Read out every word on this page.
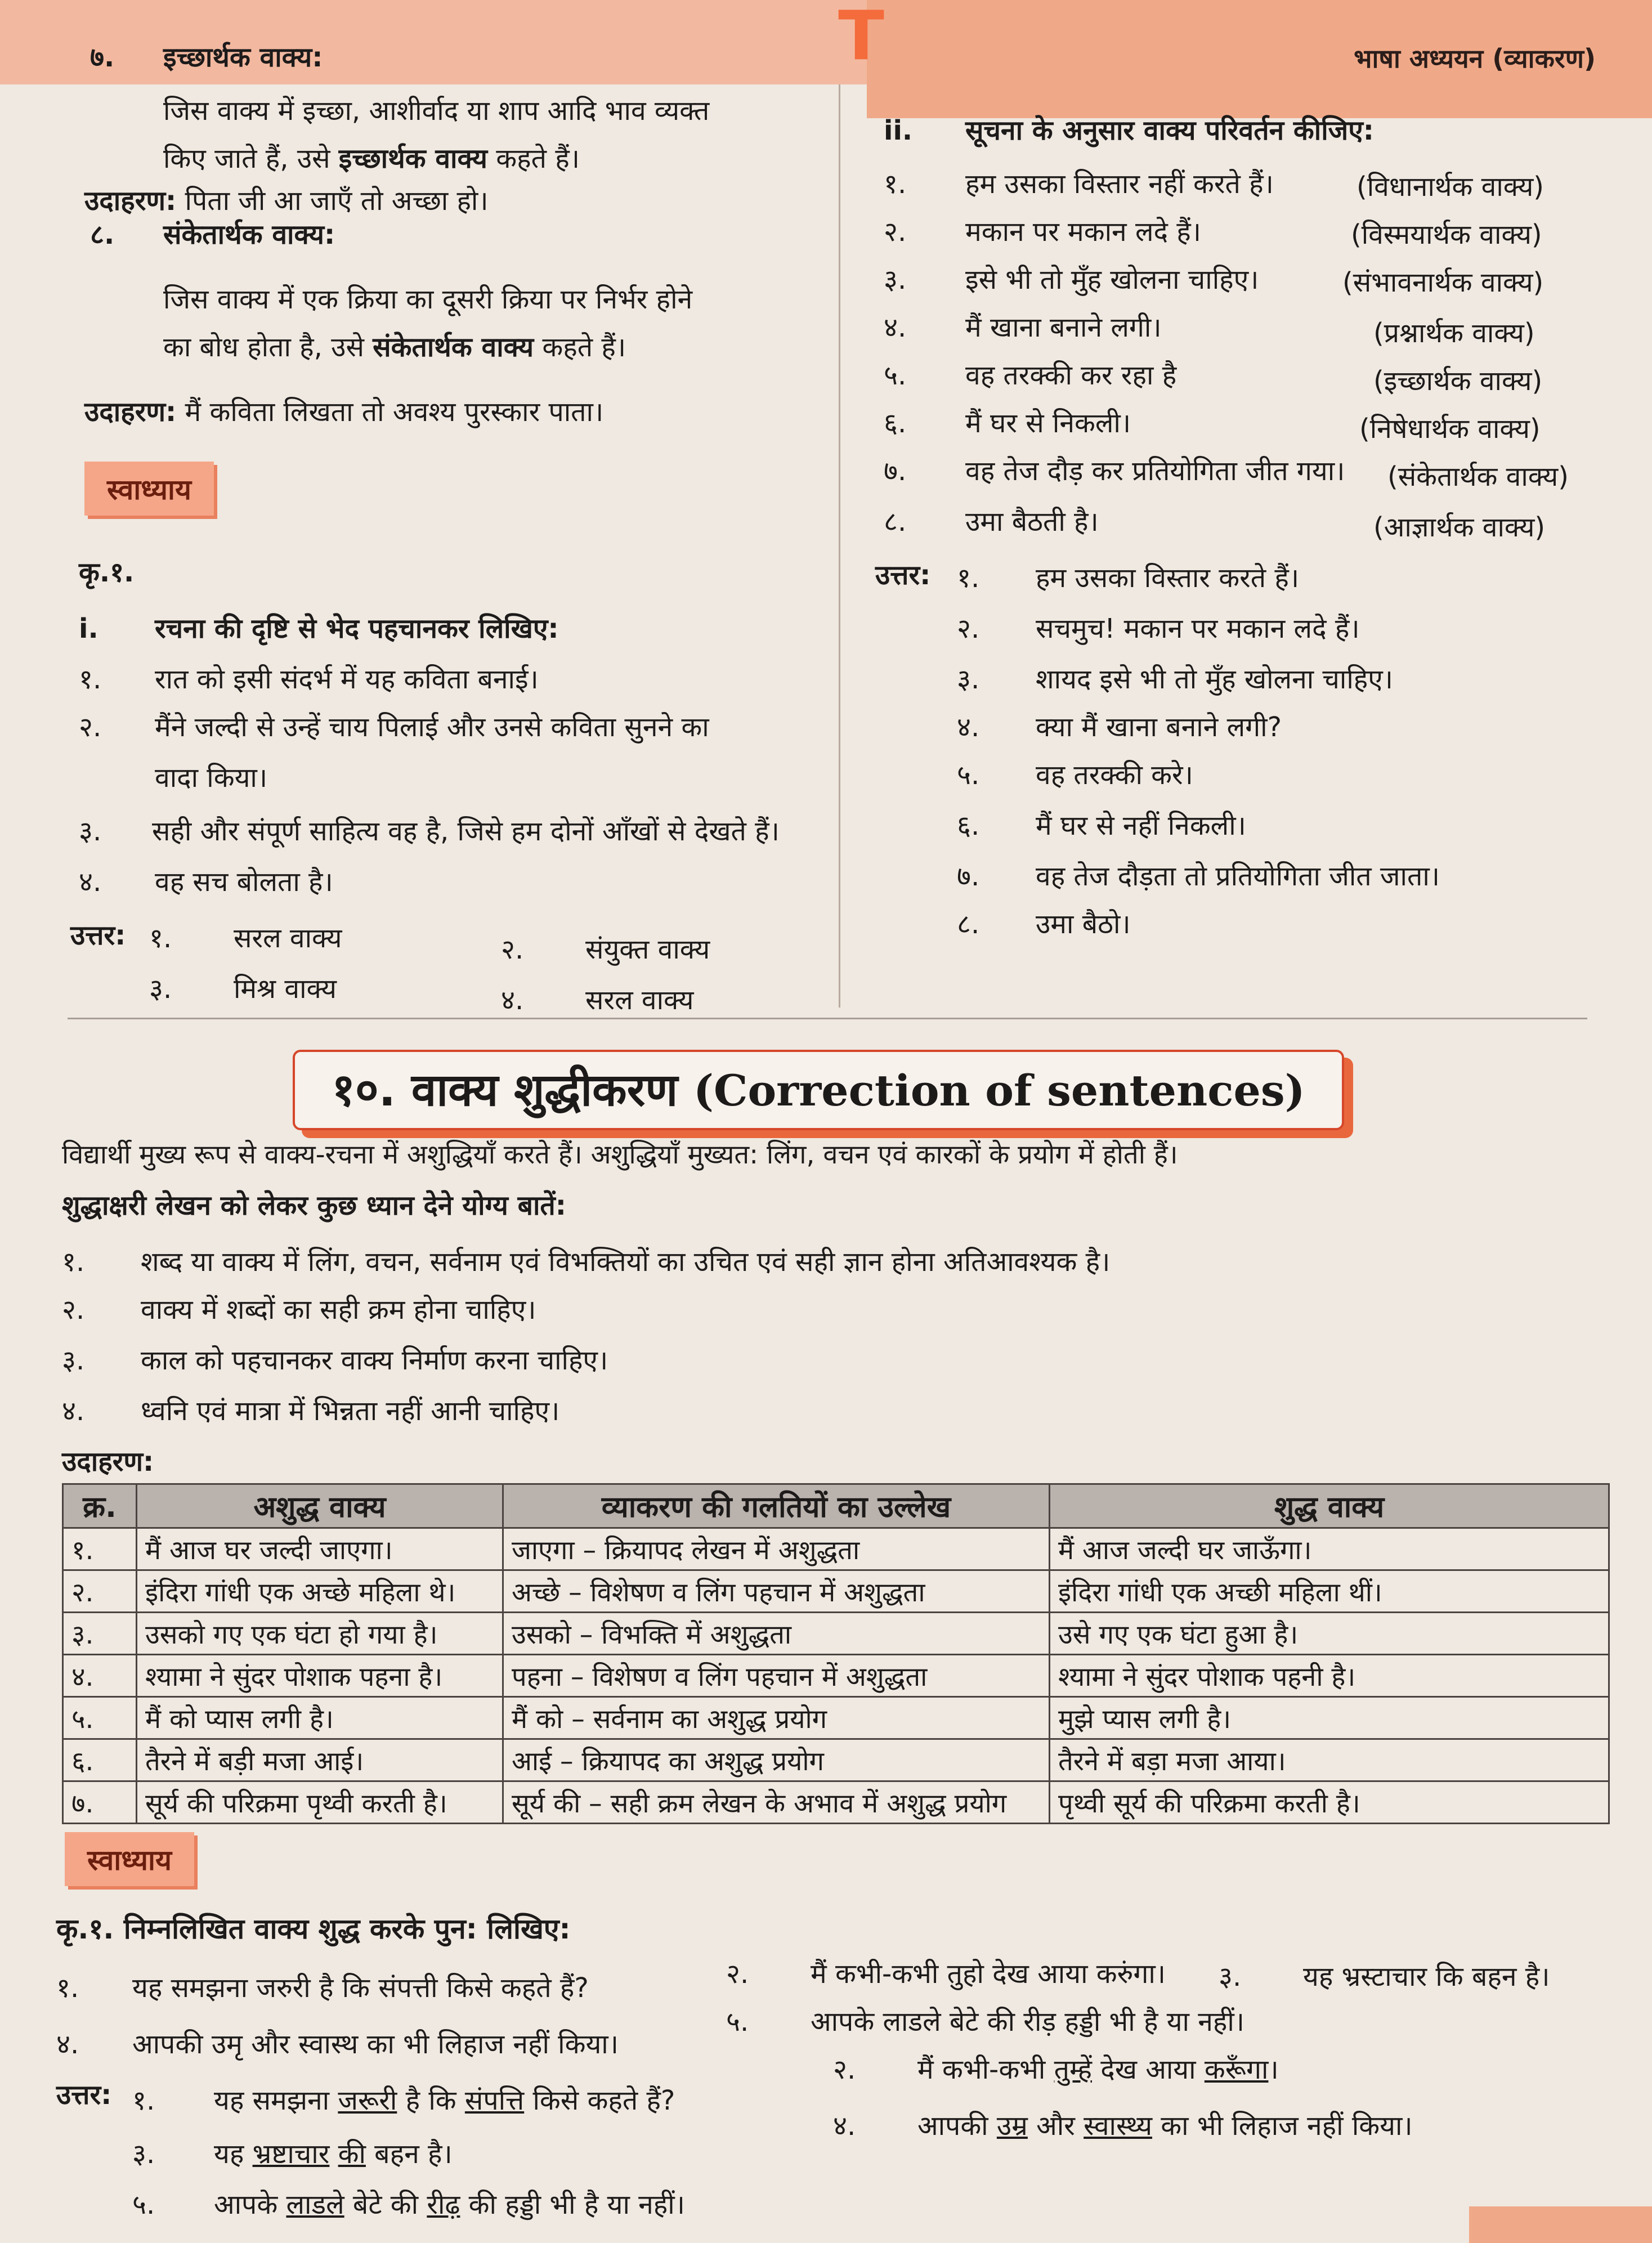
T	भाषा अध्ययन (व्याकरण)
७. इच्छार्थक वाक्य:
जिस वाक्य में इच्छा, आशीर्वाद या शाप आदि भाव व्यक्त
किए जाते हैं, उसे इच्छार्थक वाक्य कहते हैं।
उदाहरण: पिता जी आ जाएँ तो अच्छा हो।
८. संकेतार्थक वाक्य:
जिस वाक्य में एक क्रिया का दूसरी क्रिया पर निर्भर होने
का बोध होता है, उसे संकेतार्थक वाक्य कहते हैं।
उदाहरण: मैं कविता लिखता तो अवश्य पुरस्कार पाता।
स्वाध्याय
कृ.१.
i. रचना की दृष्टि से भेद पहचानकर लिखिए:
१. रात को इसी संदर्भ में यह कविता बनाई।
२. मैंने जल्दी से उन्हें चाय पिलाई और उनसे कविता सुनने का
वादा किया।
३. सही और संपूर्ण साहित्य वह है, जिसे हम दोनों आँखों से देखते हैं।
४. वह सच बोलता है।
उत्तर: १. सरल वाक्य	२. संयुक्त वाक्य
३. मिश्र वाक्य	४. सरल वाक्य
ii. सूचना के अनुसार वाक्य परिवर्तन कीजिए:
१. हम उसका विस्तार नहीं करते हैं।	(विधानार्थक वाक्य)
२. मकान पर मकान लदे हैं।	(विस्मयार्थक वाक्य)
३. इसे भी तो मुँह खोलना चाहिए।	(संभावनार्थक वाक्य)
४. मैं खाना बनाने लगी।	(प्रश्नार्थक वाक्य)
५. वह तरक्की कर रहा है	(इच्छार्थक वाक्य)
६. मैं घर से निकली।	(निषेधार्थक वाक्य)
७. वह तेज दौड़ कर प्रतियोगिता जीत गया। (संकेतार्थक वाक्य)
८. उमा बैठती है।	(आज्ञार्थक वाक्य)
उत्तर: १. हम उसका विस्तार करते हैं।
२. सचमुच! मकान पर मकान लदे हैं।
३. शायद इसे भी तो मुँह खोलना चाहिए।
४. क्या मैं खाना बनाने लगी?
५. वह तरक्की करे।
६. मैं घर से नहीं निकली।
७. वह तेज दौड़ता तो प्रतियोगिता जीत जाता।
८. उमा बैठो।
१०. वाक्य शुद्धीकरण (Correction of sentences)
विद्यार्थी मुख्य रूप से वाक्य-रचना में अशुद्धियाँ करते हैं। अशुद्धियाँ मुख्यत: लिंग, वचन एवं कारकों के प्रयोग में होती हैं।
शुद्धाक्षरी लेखन को लेकर कुछ ध्यान देने योग्य बातें:
१. शब्द या वाक्य में लिंग, वचन, सर्वनाम एवं विभक्तियों का उचित एवं सही ज्ञान होना अतिआवश्यक है।
२. वाक्य में शब्दों का सही क्रम होना चाहिए।
३. काल को पहचानकर वाक्य निर्माण करना चाहिए।
४. ध्वनि एवं मात्रा में भिन्नता नहीं आनी चाहिए।
उदाहरण:
क्र.	अशुद्ध वाक्य	व्याकरण की गलतियों का उल्लेख	शुद्ध वाक्य
१.	मैं आज घर जल्दी जाएगा।	जाएगा – क्रियापद लेखन में अशुद्धता	मैं आज जल्दी घर जाऊँगा।
२.	इंदिरा गांधी एक अच्छे महिला थे।	अच्छे – विशेषण व लिंग पहचान में अशुद्धता	इंदिरा गांधी एक अच्छी महिला थीं।
३.	उसको गए एक घंटा हो गया है।	उसको – विभक्ति में अशुद्धता	उसे गए एक घंटा हुआ है।
४.	श्यामा ने सुंदर पोशाक पहना है।	पहना – विशेषण व लिंग पहचान में अशुद्धता	श्यामा ने सुंदर पोशाक पहनी है।
५.	मैं को प्यास लगी है।	मैं को – सर्वनाम का अशुद्ध प्रयोग	मुझे प्यास लगी है।
६.	तैरने में बड़ी मजा आई।	आई – क्रियापद का अशुद्ध प्रयोग	तैरने में बड़ा मजा आया।
७.	सूर्य की परिक्रमा पृथ्वी करती है।	सूर्य की – सही क्रम लेखन के अभाव में अशुद्ध प्रयोग	पृथ्वी सूर्य की परिक्रमा करती है।
स्वाध्याय
कृ.१. निम्नलिखित वाक्य शुद्ध करके पुन: लिखिए:
१. यह समझना जरुरी है कि संपत्ती किसे कहते हैं?	२. मैं कभी-कभी तुहो देख आया करुंगा। ३. यह भ्रस्टाचार कि बहन है।
४. आपकी उमृ और स्वास्थ का भी लिहाज नहीं किया।
५. आपके लाडले बेटे की रीड़ हड्डी भी है या नहीं।
उत्तर: १. यह समझना जरूरी है कि संपत्ति किसे कहते हैं?
२. मैं कभी-कभी तुम्हें देख आया करूँगा।
३. यह भ्रष्टाचार की बहन है।
४. आपकी उम्र और स्वास्थ्य का भी लिहाज नहीं किया।
५. आपके लाडले बेटे की रीढ़ की हड्डी भी है या नहीं।
